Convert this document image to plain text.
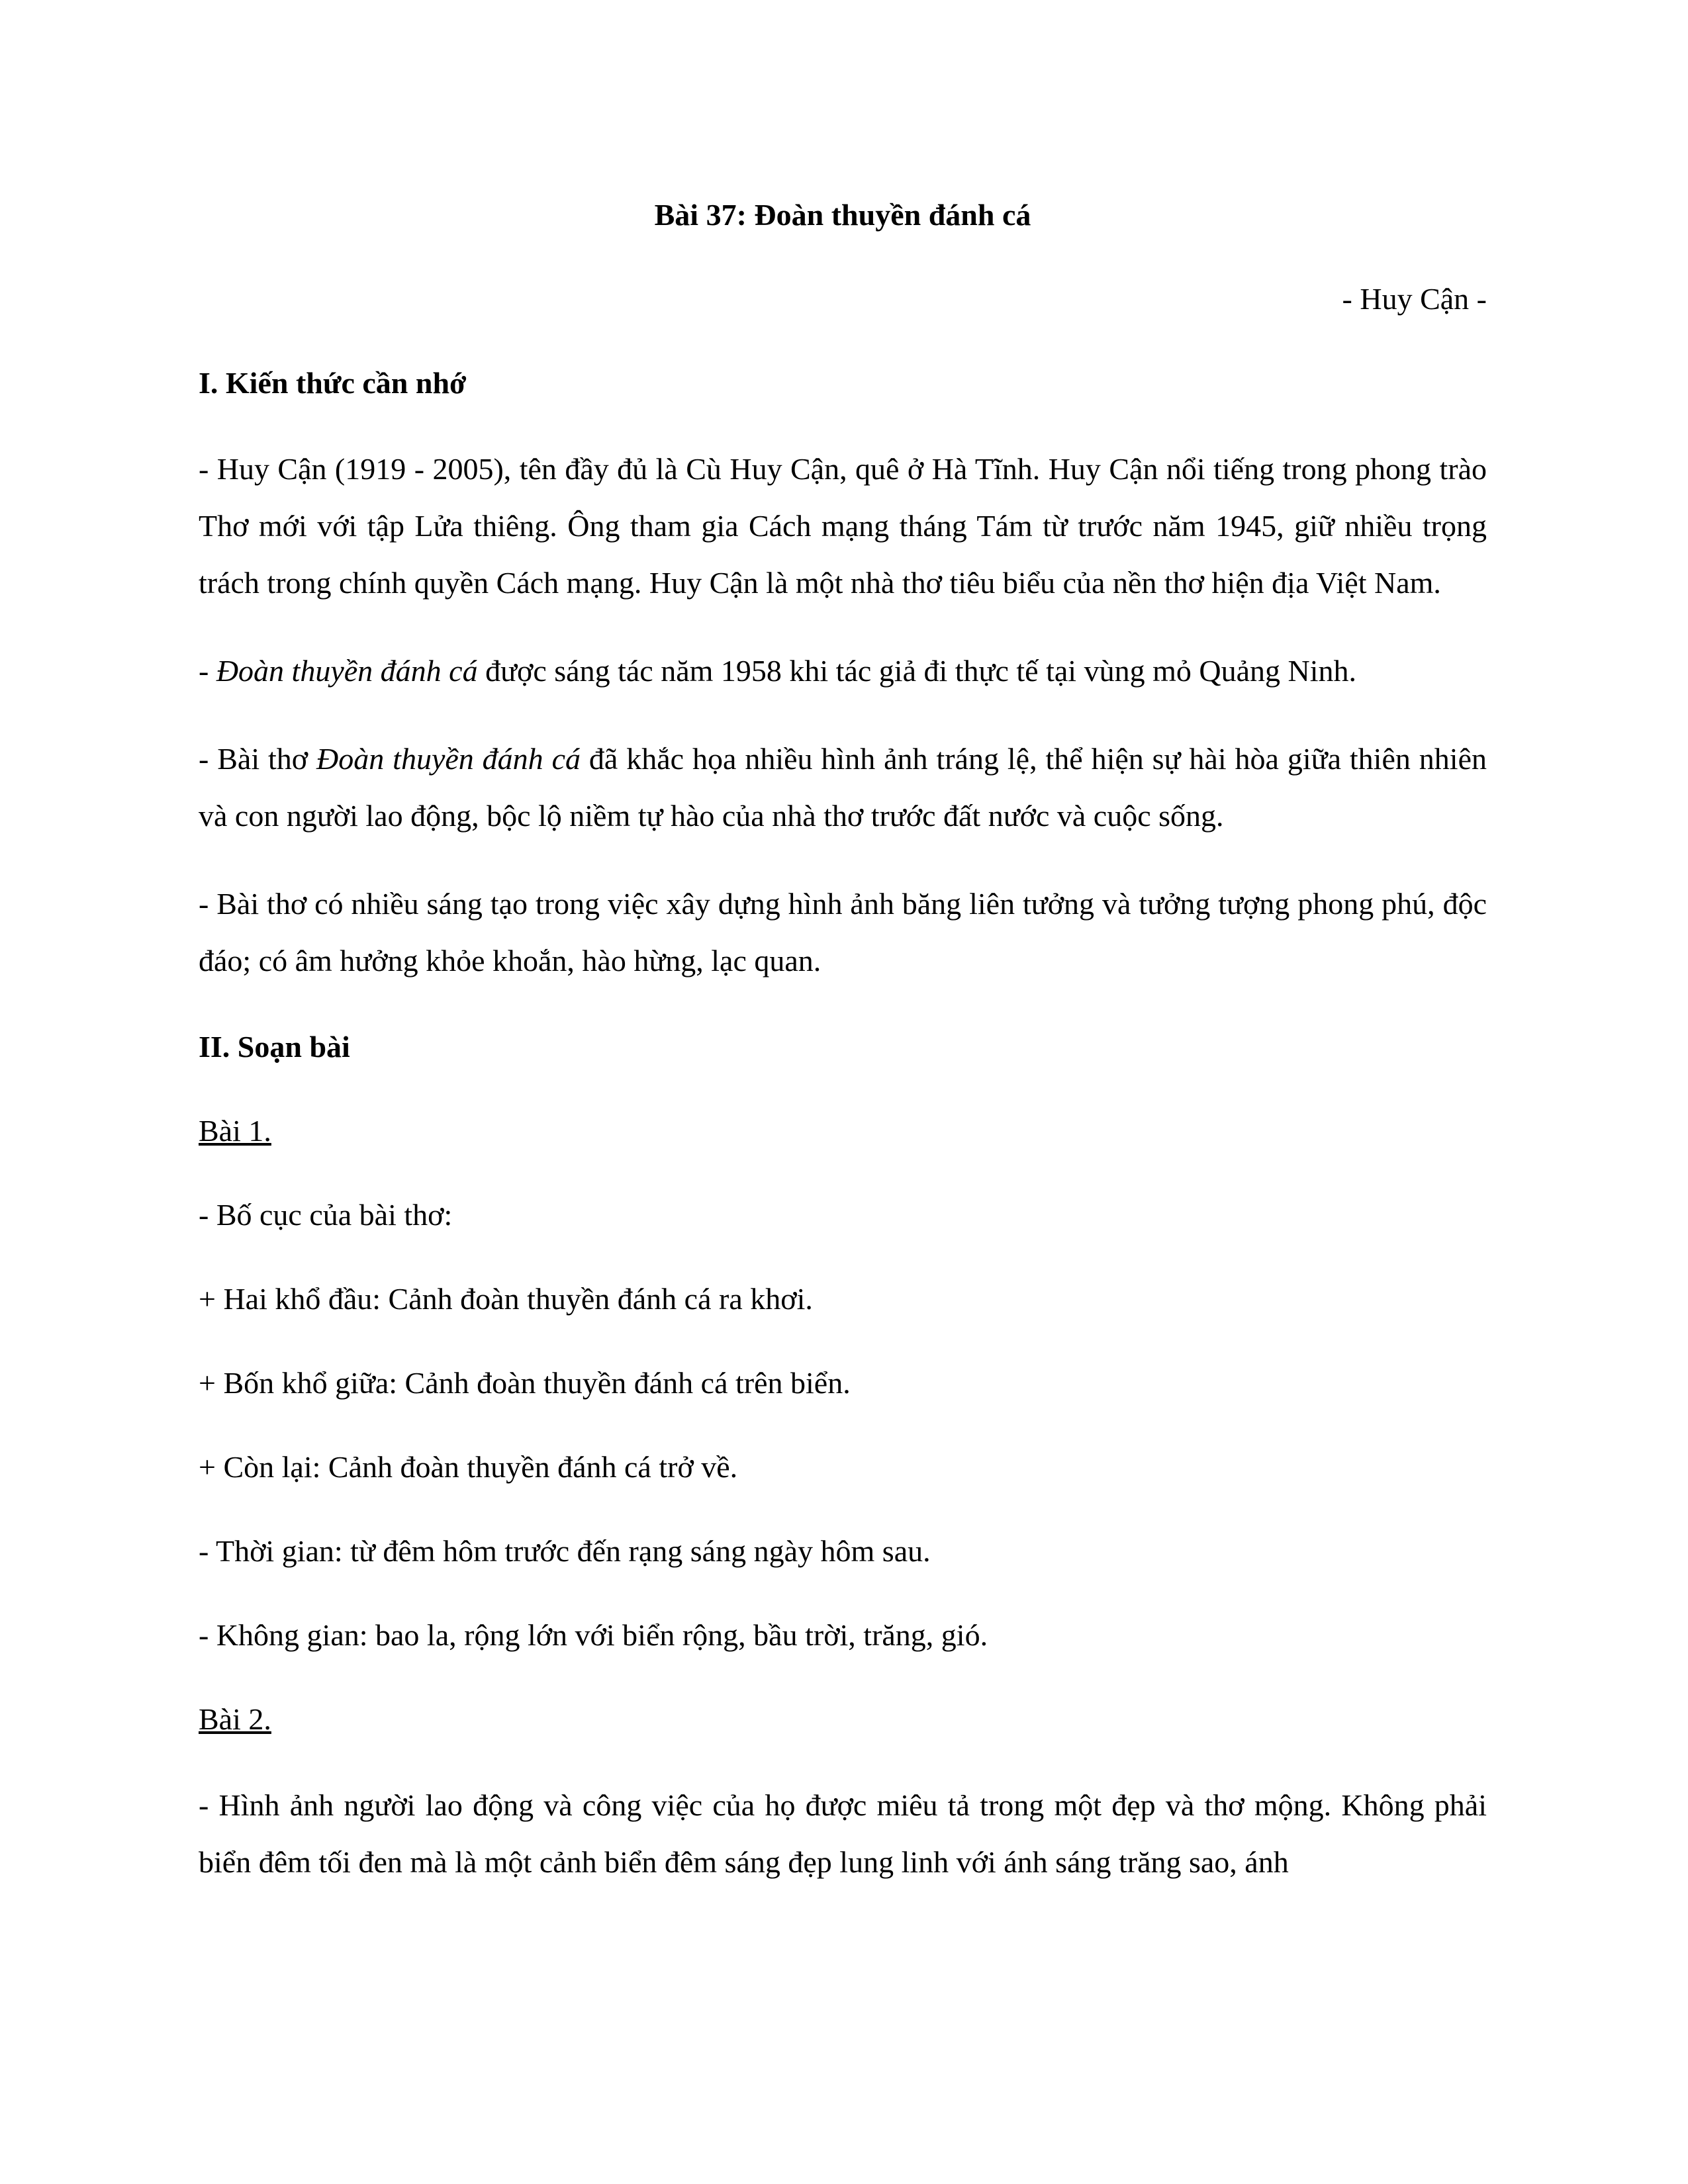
Bài 37: Đoàn thuyền đánh cá

- Huy Cận -

I. Kiến thức cần nhớ

- Huy Cận (1919 - 2005), tên đầy đủ là Cù Huy Cận, quê ở Hà Tĩnh. Huy Cận nổi tiếng trong phong trào Thơ mới với tập Lửa thiêng. Ông tham gia Cách mạng tháng Tám từ trước năm 1945, giữ nhiều trọng trách trong chính quyền Cách mạng. Huy Cận là một nhà thơ tiêu biểu của nền thơ hiện địa Việt Nam.

- Đoàn thuyền đánh cá được sáng tác năm 1958 khi tác giả đi thực tế tại vùng mỏ Quảng Ninh.

- Bài thơ Đoàn thuyền đánh cá đã khắc họa nhiều hình ảnh tráng lệ, thể hiện sự hài hòa giữa thiên nhiên và con người lao động, bộc lộ niềm tự hào của nhà thơ trước đất nước và cuộc sống.

- Bài thơ có nhiều sáng tạo trong việc xây dựng hình ảnh băng liên tưởng và tưởng tượng phong phú, độc đáo; có âm hưởng khỏe khoắn, hào hừng, lạc quan.

II. Soạn bài

Bài 1.

- Bố cục của bài thơ:

+ Hai khổ đầu: Cảnh đoàn thuyền đánh cá ra khơi.

+ Bốn khổ giữa: Cảnh đoàn thuyền đánh cá trên biển.

+ Còn lại: Cảnh đoàn thuyền đánh cá trở về.

- Thời gian: từ đêm hôm trước đến rạng sáng ngày hôm sau.

- Không gian: bao la, rộng lớn với biển rộng, bầu trời, trăng, gió.

Bài 2.

- Hình ảnh người lao động và công việc của họ được miêu tả trong một đẹp và thơ mộng. Không phải biển đêm tối đen mà là một cảnh biển đêm sáng đẹp lung linh với ánh sáng trăng sao, ánh
